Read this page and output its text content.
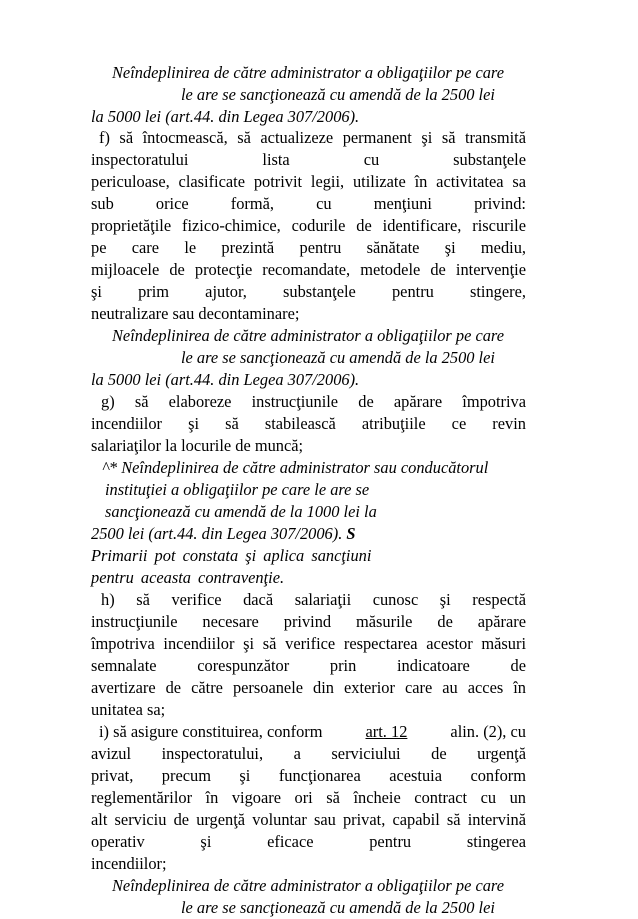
Neîndeplinirea de către administrator a obligaţiilor pe care
le are se sancţionează cu amendă de la 2500 lei
la 5000 lei (art.44. din Legea 307/2006).
f) să întocmească, să actualizeze permanent şi să transmită
inspectoratului lista cu substanţele
periculoase, clasificate potrivit legii, utilizate în activitatea sa
sub orice formă, cu menţiuni privind:
proprietăţile fizico-chimice, codurile de identificare, riscurile
pe care le prezintă pentru sănătate şi mediu,
mijloacele de protecţie recomandate, metodele de intervenţie
şi prim ajutor, substanţele pentru stingere,
neutralizare sau decontaminare;
Neîndeplinirea de către administrator a obligaţiilor pe care
le are se sancţionează cu amendă de la 2500 lei
la 5000 lei (art.44. din Legea 307/2006).
g) să elaboreze instrucţiunile de apărare împotriva
incendiilor şi să stabilească atribuţiile ce revin
salariaţilor la locurile de muncă;
^* Neîndeplinirea de către administrator sau conducătorul
instituţiei a obligaţiilor pe care le are se
sancţionează cu amendă de la 1000 lei la
2500 lei (art.44. din Legea 307/2006). S
Primarii pot constata şi aplica sancţiuni
pentru aceasta contravenţie.
h) să verifice dacă salariaţii cunosc şi respectă
instrucţiunile necesare privind măsurile de apărare
împotriva incendiilor şi să verifice respectarea acestor măsuri
semnalate corespunzător prin indicatoare de
avertizare de către persoanele din exterior care au acces în
unitatea sa;
i) să asigure constituirea, conform	art. 12	alin. (2), cu
avizul inspectoratului, a serviciului de urgenţă
privat, precum şi funcţionarea acestuia conform
reglementărilor în vigoare ori să încheie contract cu un
alt serviciu de urgenţă voluntar sau privat, capabil să intervină
operativ şi eficace pentru stingerea
incendiilor;
Neîndeplinirea de către administrator a obligaţiilor pe care
le are se sancţionează cu amendă de la 2500 lei
